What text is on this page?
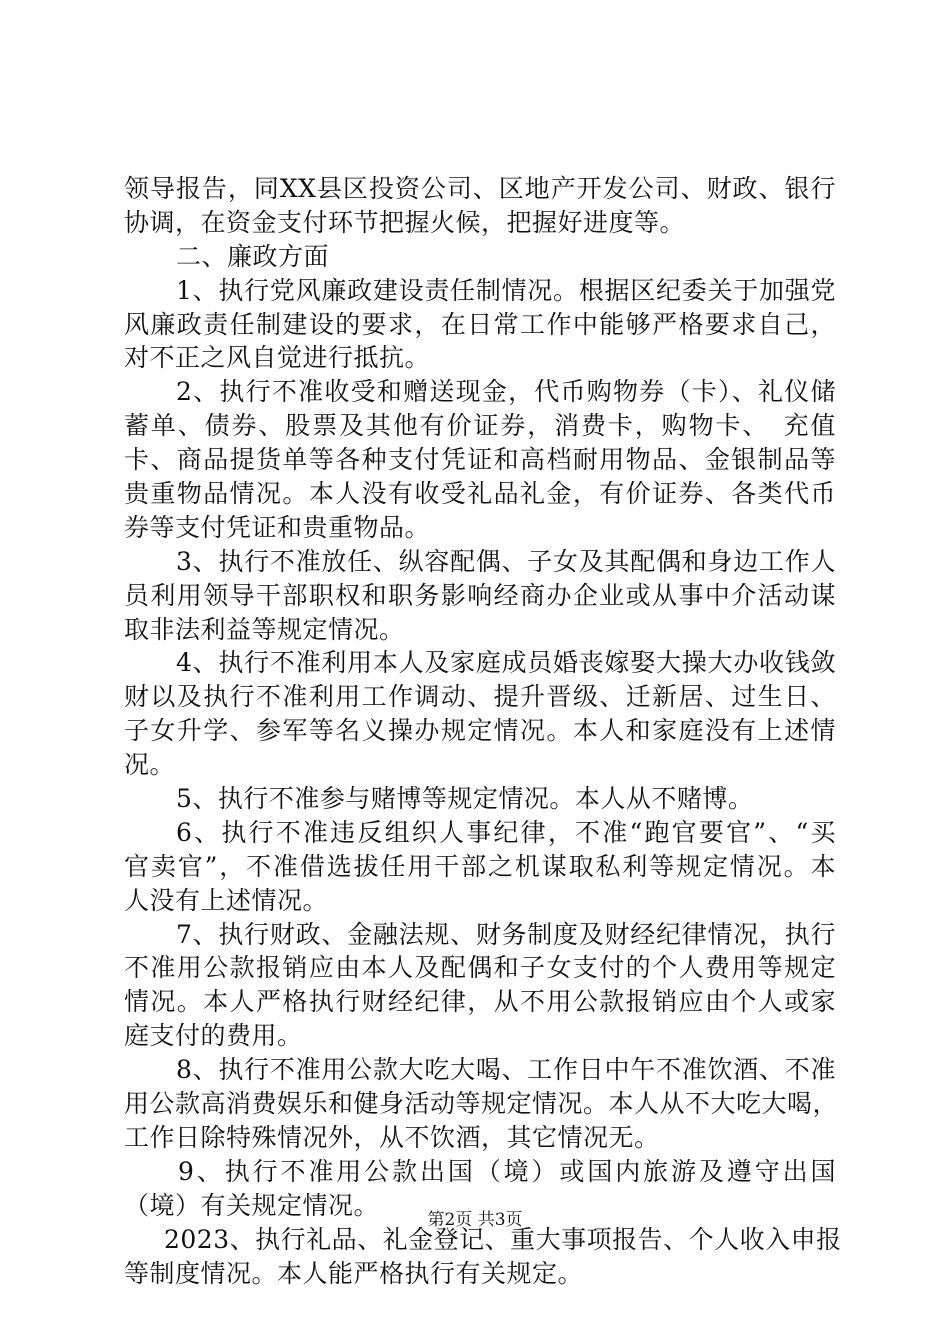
领导报告，同XX县区投资公司、区地产开发公司、财政、银行
协调，在资金支付环节把握火候，把握好进度等。
二、廉政方面
1、执行党风廉政建设责任制情况。根据区纪委关于加强党
风廉政责任制建设的要求，在日常工作中能够严格要求自己，
对不正之风自觉进行抵抗。
2、执行不准收受和赠送现金，代币购物券（卡）、礼仪储
蓄单、债券、股票及其他有价证券，消费卡，购物卡、　充值
卡、商品提货单等各种支付凭证和高档耐用物品、金银制品等
贵重物品情况。本人没有收受礼品礼金，有价证券、各类代币
券等支付凭证和贵重物品。
3、执行不准放任、纵容配偶、子女及其配偶和身边工作人
员利用领导干部职权和职务影响经商办企业或从事中介活动谋
取非法利益等规定情况。
4、执行不准利用本人及家庭成员婚丧嫁娶大操大办收钱敛
财以及执行不准利用工作调动、提升晋级、迁新居、过生日、
子女升学、参军等名义操办规定情况。本人和家庭没有上述情
况。
5、执行不准参与赌博等规定情况。本人从不赌博。
6、执行不准违反组织人事纪律，不准“跑官要官”、“买
官卖官”，不准借选拔任用干部之机谋取私利等规定情况。本
人没有上述情况。
7、执行财政、金融法规、财务制度及财经纪律情况，执行
不准用公款报销应由本人及配偶和子女支付的个人费用等规定
情况。本人严格执行财经纪律，从不用公款报销应由个人或家
庭支付的费用。
8、执行不准用公款大吃大喝、工作日中午不准饮酒、不准
用公款高消费娱乐和健身活动等规定情况。本人从不大吃大喝，
工作日除特殊情况外，从不饮酒，其它情况无。
9、执行不准用公款出国（境）或国内旅游及遵守出国
（境）有关规定情况。
2023、执行礼品、礼金登记、重大事项报告、个人收入申报
等制度情况。本人能严格执行有关规定。
第2页 共3页
